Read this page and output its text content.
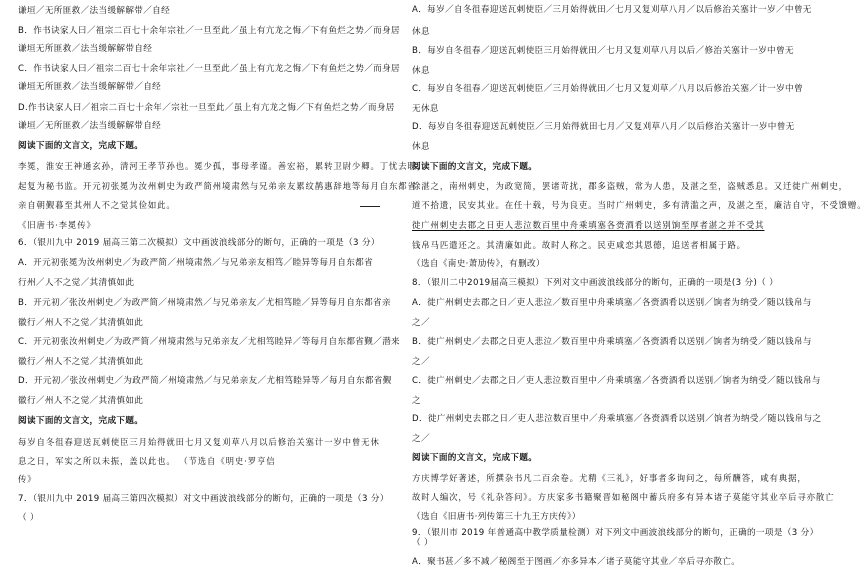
谦垣／无所匪救／法当缓解解带／自经
B．作书诀家人曰／祖宗二百七十余年宗社／一旦至此／虽上有亢龙之悔／下有鱼烂之势／而身居
谦垣无所匪救／法当缓解解带自经
C．作书诀家人曰／祖宗二百七十余年宗社／一旦至此／虽上有亢龙之悔／下有鱼烂之势／而身居
谦垣无所匪救／法当缓解解带／自经
D.作书诀家人曰／祖宗二百七十余年／宗社一旦至此／虽上有亢龙之悔／下有鱼烂之势／而身居
谦垣／无所匪救／法当缓解解带自经
阅读下面的文言文，完成下题。
李冕，淮安王神通玄孙，清河王孝节孙也。冕少孤，事母孝谨。善宏裕，累转卫尉少卿。丁忧去职，
起复为秘书监。开元初张冕为汝州刺史为政严简州境肃然与兄弟亲友累纹鹊惠辞地等每月自东都省
亲自朝觐暮至其州人不之觉其俭如此。
《旧唐书·李冕传》
6．（银川九中 2019 届高三第二次模拟）文中画波浪线部分的断句，正确的一项是（3 分）
A．开元初张冕为汝州刺史／为政严简／州境肃然／与兄弟亲友相笃／睦异等每月自东都省
行州／人不之觉／其清慎如此
B．开元初／张汝州刺史／为政严简／州境肃然／与兄弟亲友／尤相笃睦／异等每月自东都省亲
徽行／州人不之觉／其清慎如此
C．开元初张汝州刺史／为政严简／州境肃然与兄弟亲友／尤相笃睦异／等每月自东都省觐／潜来
徽行／州人不之觉／其清慎如此
D．开元初／张汝州刺史／为政严简／州境肃然／与兄弟亲友／尤相笃睦异等／每月自东都省觐
徽行／州人不之觉／其清慎如此
阅读下面的文言文，完成下题。
每岁自冬徂春迎送瓦剌使臣三月始得就田七月又复刈草八月以后修治关塞计一岁中曾无休
息之日，军实之所以未振，盖以此也。 （节选自《明史·罗亨信
传》
7．（银川九中 2019 届高三第四次模拟）对文中画波浪线部分的断句，正确的一项是（3 分）
（ ）
A．每岁／自冬徂春迎送瓦剌使臣／三月始得就田／七月又复刈草八月／以后修治关塞计一岁／中曾无
休息
B．每岁自冬徂春／迎送瓦剌使臣三月始得就田／七月又复刈草八月以后／修治关塞计一岁中曾无
休息
C．每岁自冬徂春／迎送瓦剌使臣／三月始得就田／七月又复刈草／八月以后修治关塞／计一岁中曾
无休息
D．每岁自冬徂春迎送瓦剌使臣／三月始得就田七月／又复刈草八月／以后修治关塞计一岁中曾无
休息
阅读下面的文言文，完成下题。
徐湛之，南州刺史，为政宽简，罢诸苛扰，郡多盗贼，常为人患，及湛之至，盗贼悉息。又迁徙广州刺史，
道不拾遗，民安其业。在任十载，号为良吏。当时广州刺史，多有清滥之声，及湛之至，廉洁自守，不受馈赠。
徙广州刺史去郡之日吏人悲泣数百里中舟乘填塞各赍酒肴以送别饷至厚者湛之并不受其
钱帛马匹遣还之。其清廉如此。故时人称之。民吏咸恋其恩德，追送者相属于路。
（选自《南史·萧劢传》，有删改）
8．（银川二中2019届高三模拟）下列对文中画波浪线部分的断句，正确的一项是(3 分)（ ）
A．徙广州刺史去郡之日／吏人悲泣／数百里中舟乘填塞／各赍酒肴以送别／饷者为纳受／随以钱帛与
之／
B．徙广州刺史／去郡之日吏人悲泣／数百里中舟乘填塞／各赍酒肴以送别／饷者为纳受／随以钱帛与
之／
C．徙广州刺史／去郡之日／吏人悲泣数百里中／舟乘填塞／各赍酒肴以送别／饷者为纳受／随以钱帛与
之
D．徙广州刺史去郡之日／吏人悲泣数百里中／舟乘填塞／各赍酒肴以送别／饷者为纳受／随以钱帛与之
之／
阅读下面的文言文，完成下题。
方庆博学好著述，所撰杂书凡二百余卷。尤精《三礼》，好事者多询问之，每所酬答，咸有典据，
故时人编次，号《礼杂答问》。方庆家多书籍聚晋如秘阁中蓄兵府多有异本诸子莫能守其业卒后寻亦散亡
（选自《旧唐书·列传第三十九王方庆传》）
9．（银川市 2019 年普通高中教学质量检测）对下列文中画波浪线部分的断句，正确的一项是（3 分）
（ ）
A．聚书甚／多不减／秘阁至于图画／亦多异本／诸子莫能守其业／卒后寻亦散亡。
